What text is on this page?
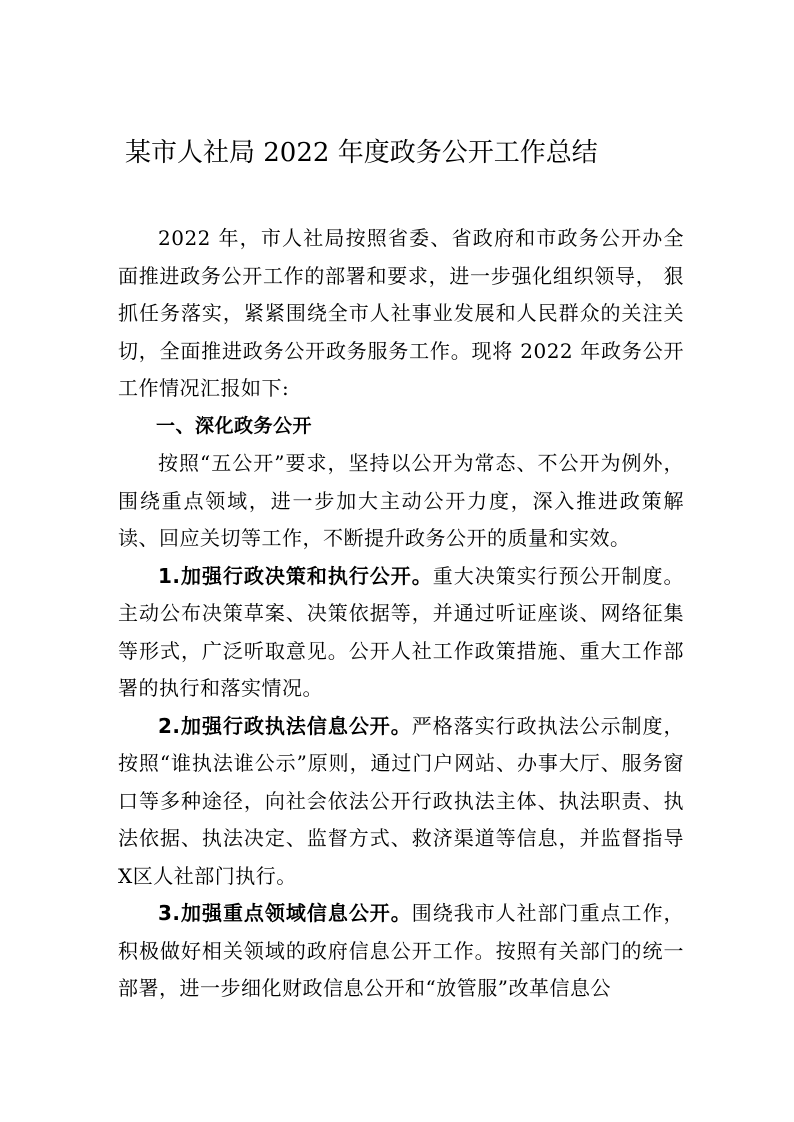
某市人社局 2022 年度政务公开工作总结

2022 年，市人社局按照省委、省政府和市政务公开办全面推进政务公开工作的部署和要求，进一步强化组织领导， 狠抓任务落实，紧紧围绕全市人社事业发展和人民群众的关注关切，全面推进政务公开政务服务工作。现将 2022 年政务公开工作情况汇报如下:

一、深化政务公开

按照“五公开”要求，坚持以公开为常态、不公开为例外，围绕重点领域，进一步加大主动公开力度，深入推进政策解读、回应关切等工作，不断提升政务公开的质量和实效。

1.加强行政决策和执行公开。重大决策实行预公开制度。主动公布决策草案、决策依据等，并通过听证座谈、网络征集等形式，广泛听取意见。公开人社工作政策措施、重大工作部署的执行和落实情况。

2.加强行政执法信息公开。严格落实行政执法公示制度，按照“谁执法谁公示”原则，通过门户网站、办事大厅、服务窗口等多种途径，向社会依法公开行政执法主体、执法职责、执法依据、执法决定、监督方式、救济渠道等信息，并监督指导X区人社部门执行。

3.加强重点领域信息公开。围绕我市人社部门重点工作，积极做好相关领域的政府信息公开工作。按照有关部门的统一部署，进一步细化财政信息公开和“放管服”改革信息公
